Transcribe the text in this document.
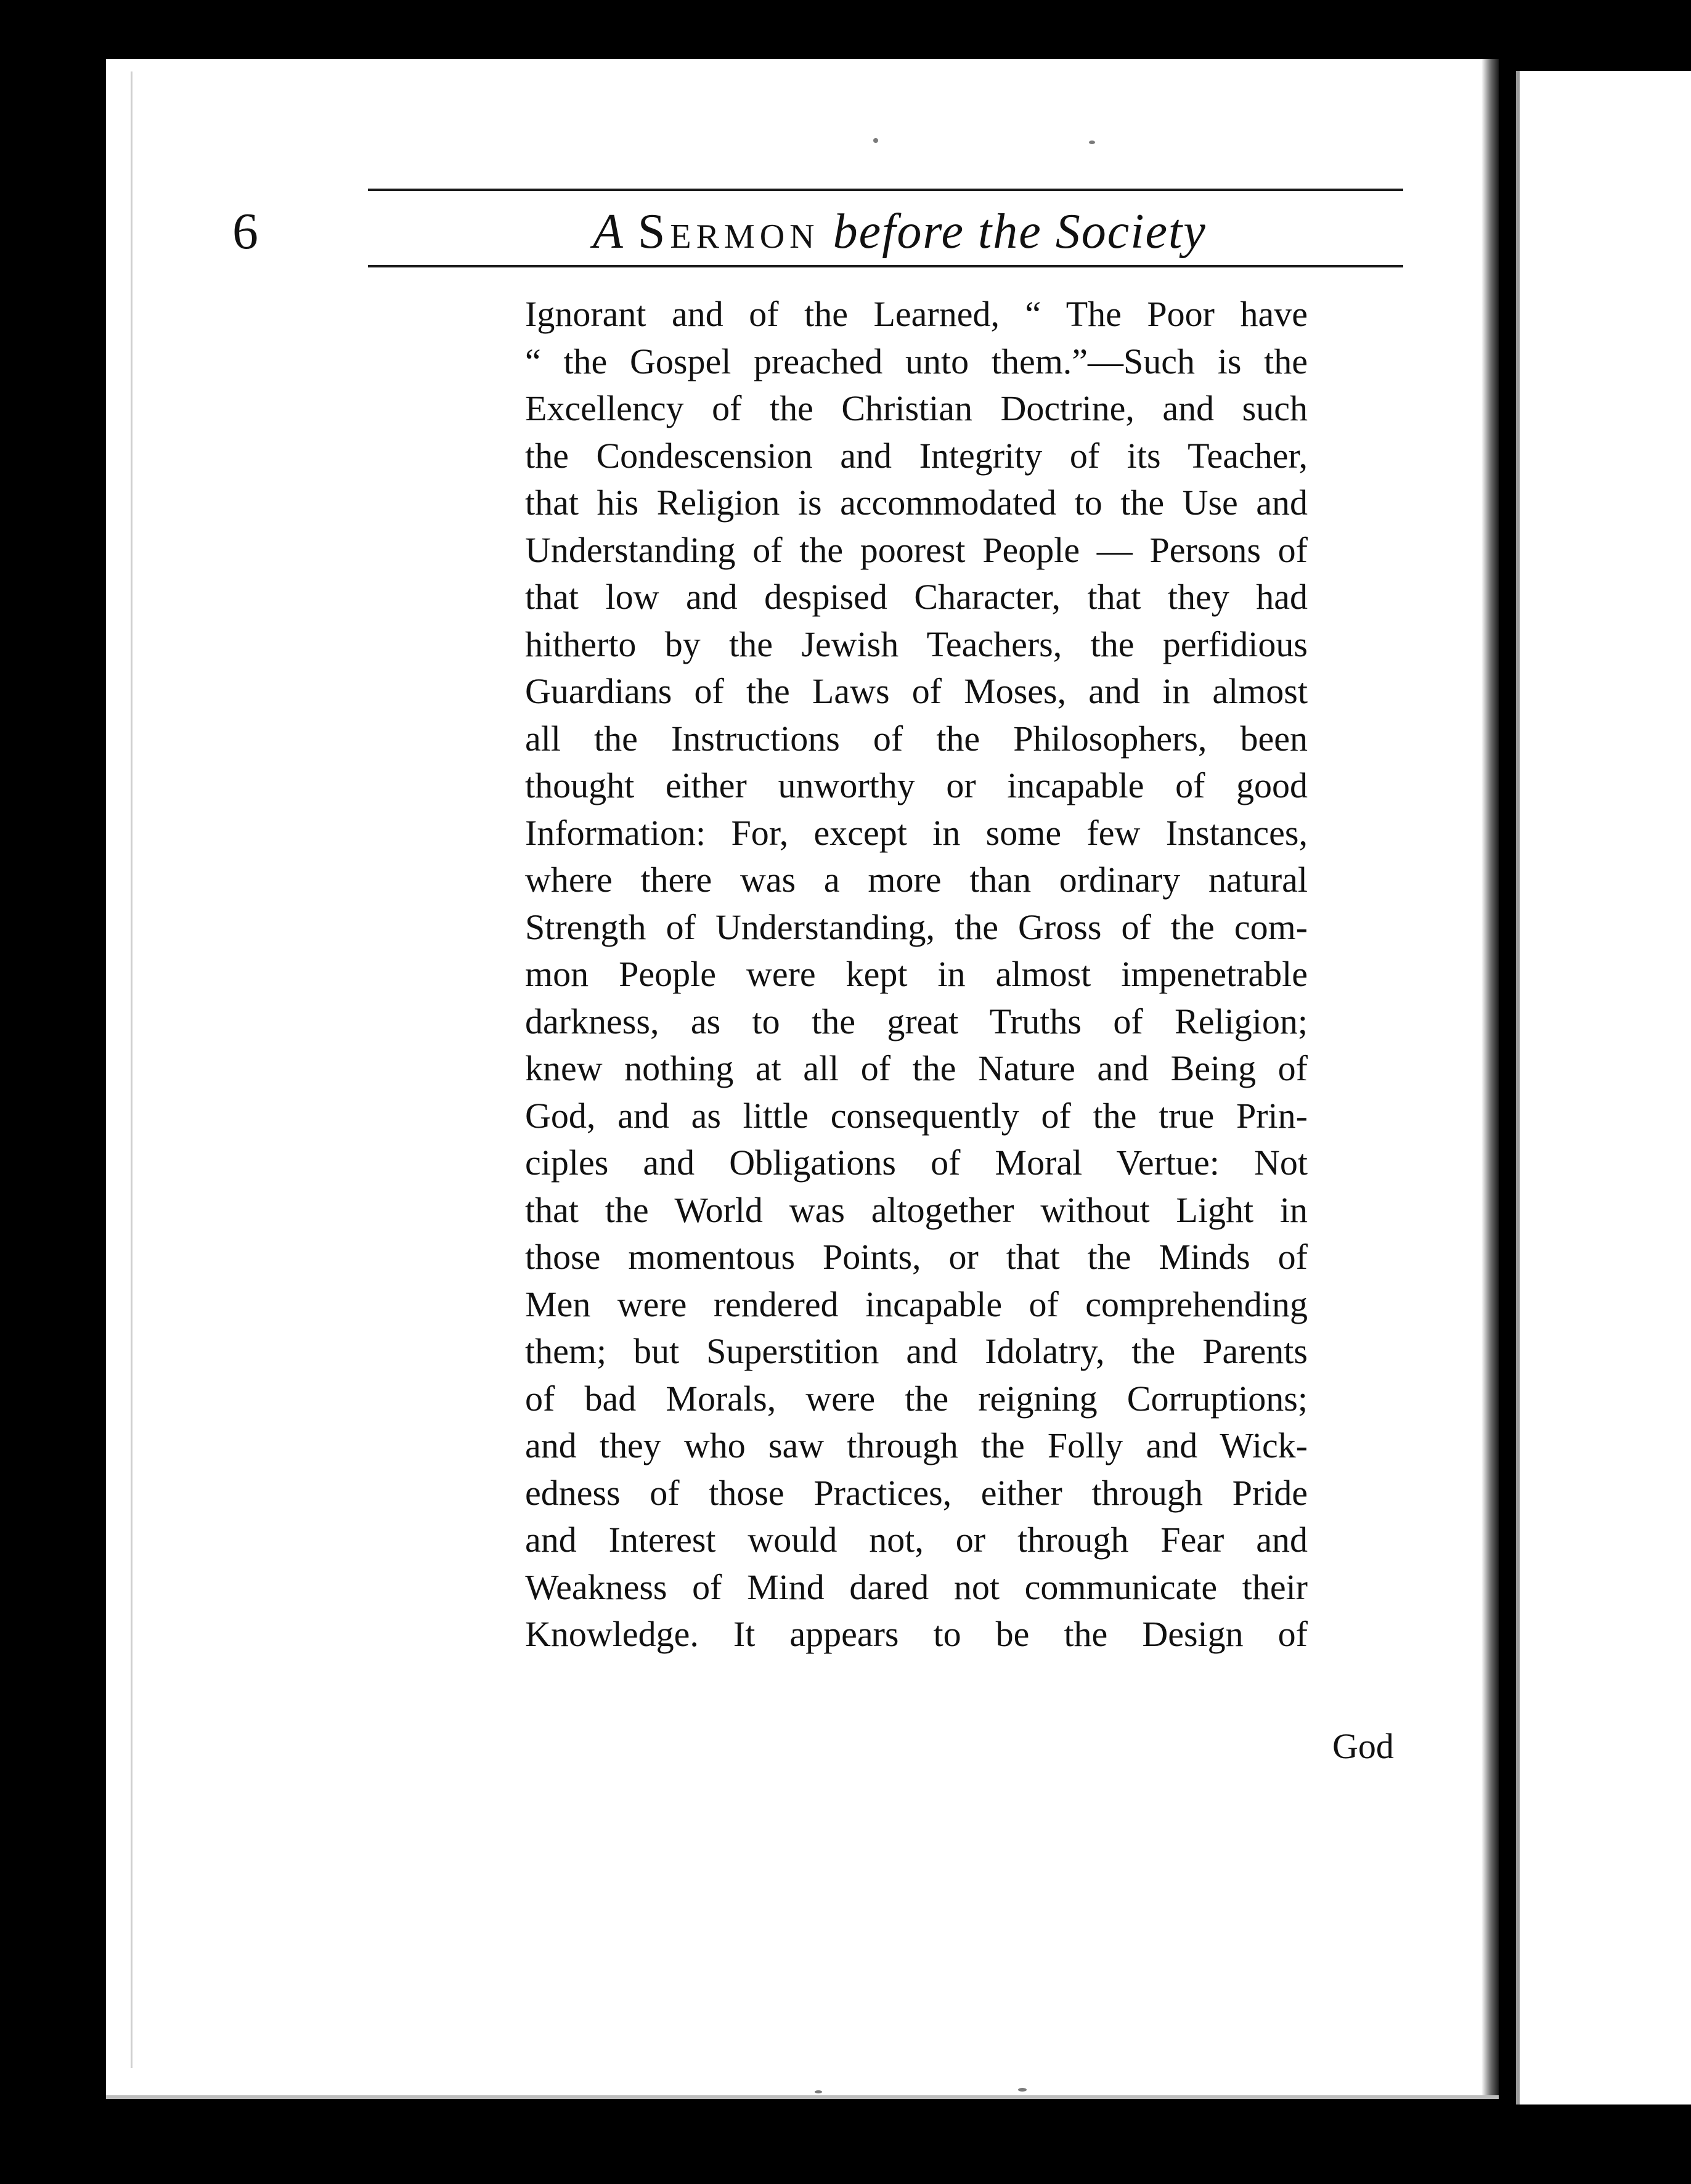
6	A Sermon before the Society
Ignorant and of the Learned, “ The Poor have
“ the Gospel preached unto them.”—Such is the
Excellency of the Christian Doctrine, and such
the Condescension and Integrity of its Teacher,
that his Religion is accommodated to the Use and
Understanding of the poorest People — Persons of
that low and despised Character, that they had
hitherto by the Jewish Teachers, the perfidious
Guardians of the Laws of Moses, and in almost
all the Instructions of the Philosophers, been
thought either unworthy or incapable of good
Information: For, except in some few Instances,
where there was a more than ordinary natural
Strength of Understanding, the Gross of the com-
mon People were kept in almost impenetrable
darkness, as to the great Truths of Religion;
knew nothing at all of the Nature and Being of
God, and as little consequently of the true Prin-
ciples and Obligations of Moral Vertue: Not
that the World was altogether without Light in
those momentous Points, or that the Minds of
Men were rendered incapable of comprehending
them; but Superstition and Idolatry, the Parents
of bad Morals, were the reigning Corruptions;
and they who saw through the Folly and Wick-
edness of those Practices, either through Pride
and Interest would not, or through Fear and
Weakness of Mind dared not communicate their
Knowledge. It appears to be the Design of
God
